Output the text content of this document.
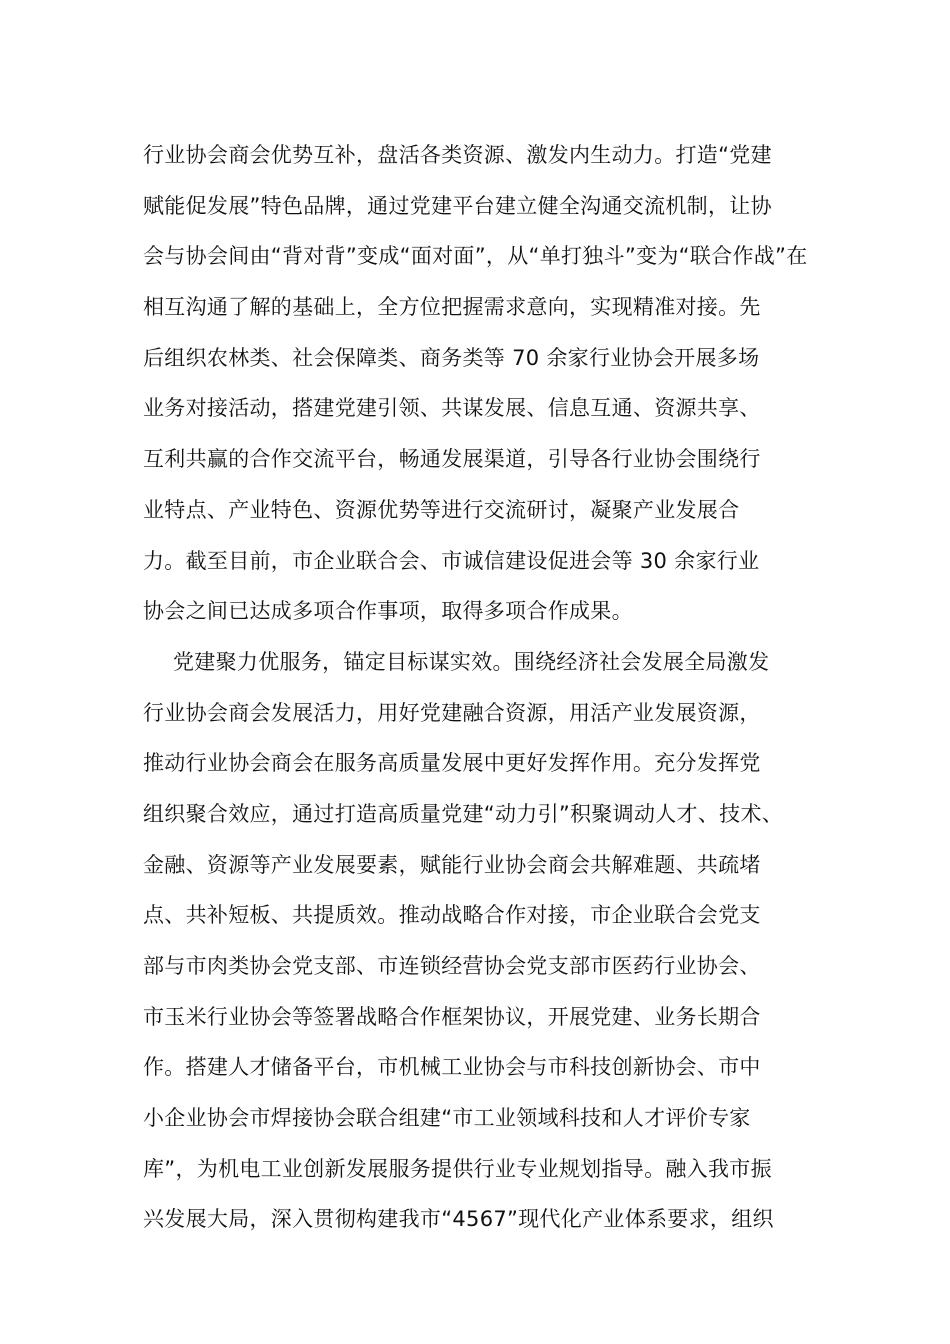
行业协会商会优势互补，盘活各类资源、激发内生动力。打造“党建
赋能促发展”特色品牌，通过党建平台建立健全沟通交流机制，让协
会与协会间由“背对背”变成“面对面”，从“单打独斗”变为“联合作战”在
相互沟通了解的基础上，全方位把握需求意向，实现精准对接。先
后组织农林类、社会保障类、商务类等 70 余家行业协会开展多场
业务对接活动，搭建党建引领、共谋发展、信息互通、资源共享、
互利共赢的合作交流平台，畅通发展渠道，引导各行业协会围绕行
业特点、产业特色、资源优势等进行交流研讨，凝聚产业发展合
力。截至目前，市企业联合会、市诚信建设促进会等 30 余家行业
协会之间已达成多项合作事项，取得多项合作成果。
党建聚力优服务，锚定目标谋实效。围绕经济社会发展全局激发
行业协会商会发展活力，用好党建融合资源，用活产业发展资源，
推动行业协会商会在服务高质量发展中更好发挥作用。充分发挥党
组织聚合效应，通过打造高质量党建“动力引”积聚调动人才、技术、
金融、资源等产业发展要素，赋能行业协会商会共解难题、共疏堵
点、共补短板、共提质效。推动战略合作对接，市企业联合会党支
部与市肉类协会党支部、市连锁经营协会党支部市医药行业协会、
市玉米行业协会等签署战略合作框架协议，开展党建、业务长期合
作。搭建人才储备平台，市机械工业协会与市科技创新协会、市中
小企业协会市焊接协会联合组建“市工业领域科技和人才评价专家
库”，为机电工业创新发展服务提供行业专业规划指导。融入我市振
兴发展大局，深入贯彻构建我市“4567”现代化产业体系要求，组织
